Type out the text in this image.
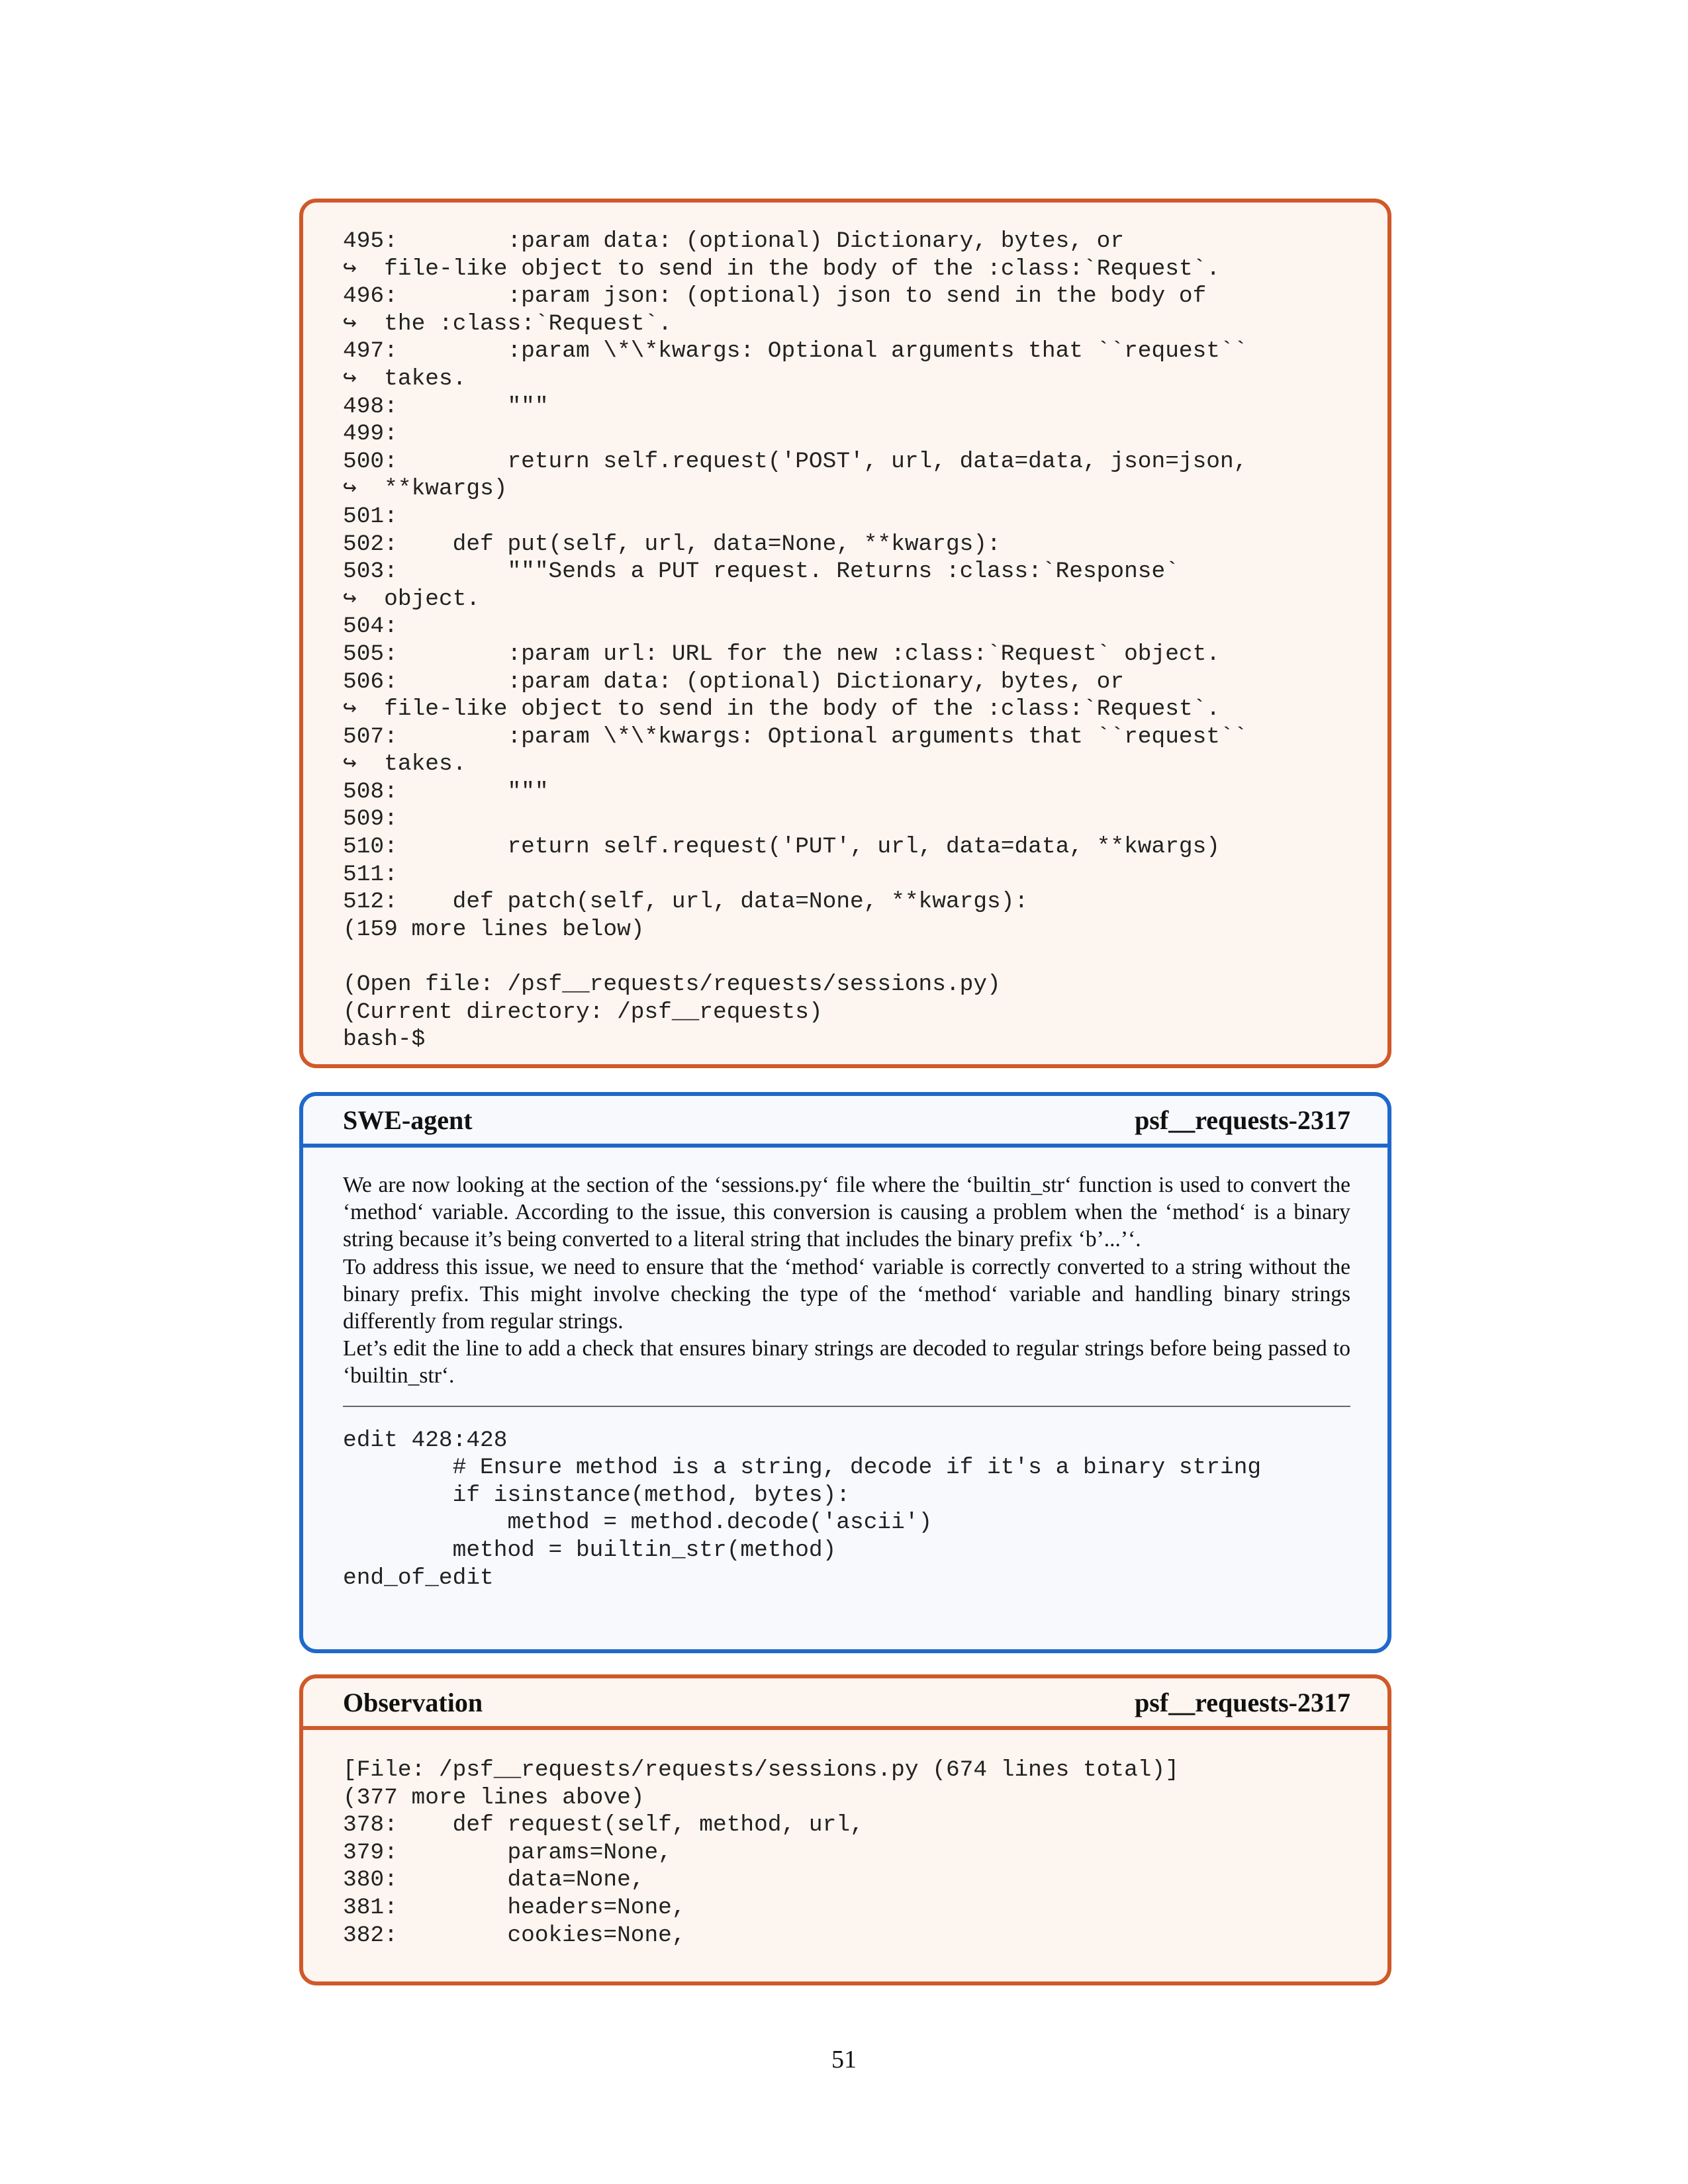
495:        :param data: (optional) Dictionary, bytes, or
↪  file-like object to send in the body of the :class:`Request`.
496:        :param json: (optional) json to send in the body of
↪  the :class:`Request`.
497:        :param \*\*kwargs: Optional arguments that ``request``
↪  takes.
498:        """
499:
500:        return self.request('POST', url, data=data, json=json,
↪  **kwargs)
501:
502:    def put(self, url, data=None, **kwargs):
503:        """Sends a PUT request. Returns :class:`Response`
↪  object.
504:
505:        :param url: URL for the new :class:`Request` object.
506:        :param data: (optional) Dictionary, bytes, or
↪  file-like object to send in the body of the :class:`Request`.
507:        :param \*\*kwargs: Optional arguments that ``request``
↪  takes.
508:        """
509:
510:        return self.request('PUT', url, data=data, **kwargs)
511:
512:    def patch(self, url, data=None, **kwargs):
(159 more lines below)

(Open file: /psf__requests/requests/sessions.py)
(Current directory: /psf__requests)
bash-$
SWE-agent	psf__requests-2317

We are now looking at the section of the ‘sessions.py‘ file where the ‘builtin_str‘ function is used to convert the ‘method‘ variable. According to the issue, this conversion is causing a problem when the ‘method‘ is a binary string because it’s being converted to a literal string that includes the binary prefix ‘b’...’‘.

To address this issue, we need to ensure that the ‘method‘ variable is correctly converted to a string without the binary prefix. This might involve checking the type of the ‘method‘ variable and handling binary strings differently from regular strings.

Let’s edit the line to add a check that ensures binary strings are decoded to regular strings before being passed to ‘builtin_str‘.

edit 428:428
# Ensure method is a string, decode if it's a binary string
if isinstance(method, bytes):
method = method.decode('ascii')
method = builtin_str(method)
end_of_edit
Observation	psf__requests-2317
[File: /psf__requests/requests/sessions.py (674 lines total)]
(377 more lines above)
378:    def request(self, method, url,
379:        params=None,
380:        data=None,
381:        headers=None,
382:        cookies=None,
51
